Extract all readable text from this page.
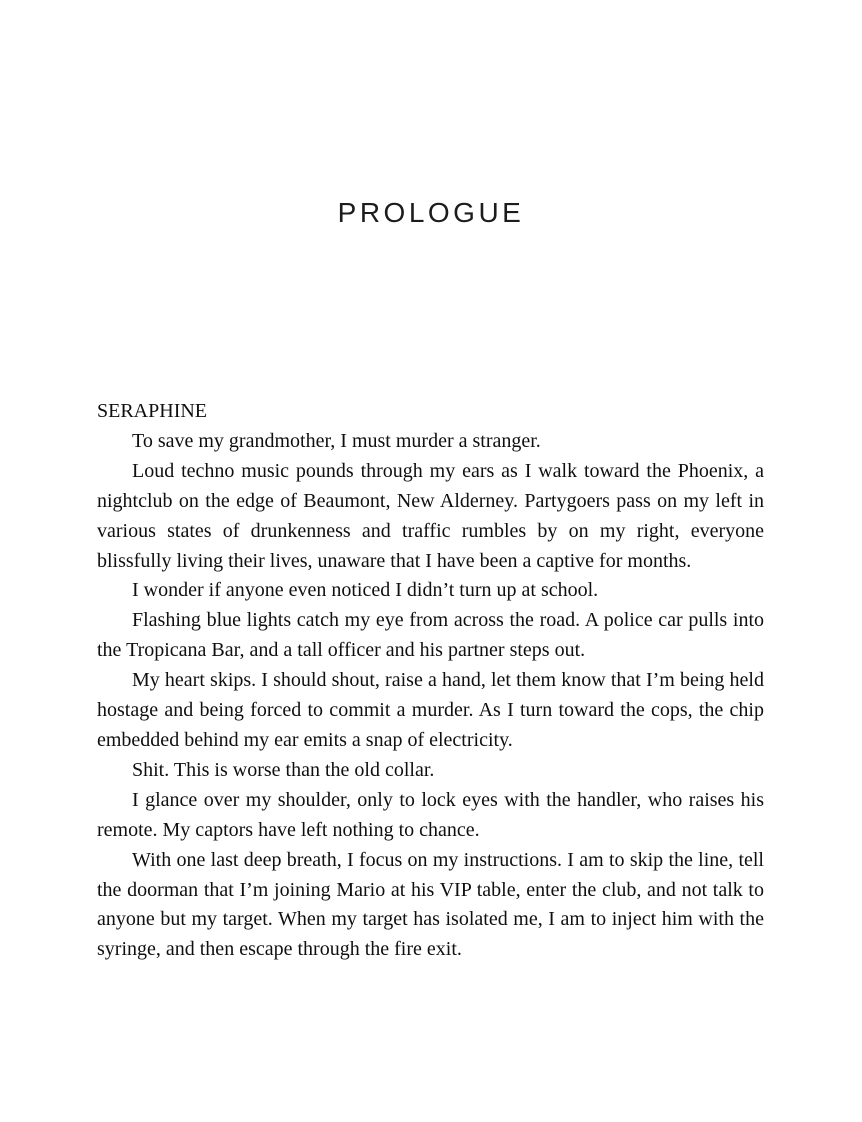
PROLOGUE

SERAPHINE

To save my grandmother, I must murder a stranger.

Loud techno music pounds through my ears as I walk toward the Phoenix, a nightclub on the edge of Beaumont, New Alderney. Partygoers pass on my left in various states of drunkenness and traffic rumbles by on my right, everyone blissfully living their lives, unaware that I have been a captive for months.

I wonder if anyone even noticed I didn’t turn up at school.

Flashing blue lights catch my eye from across the road. A police car pulls into the Tropicana Bar, and a tall officer and his partner steps out.

My heart skips. I should shout, raise a hand, let them know that I’m being held hostage and being forced to commit a murder. As I turn toward the cops, the chip embedded behind my ear emits a snap of electricity.

Shit. This is worse than the old collar.

I glance over my shoulder, only to lock eyes with the handler, who raises his remote. My captors have left nothing to chance.

With one last deep breath, I focus on my instructions. I am to skip the line, tell the doorman that I’m joining Mario at his VIP table, enter the club, and not talk to anyone but my target. When my target has isolated me, I am to inject him with the syringe, and then escape through the fire exit.
